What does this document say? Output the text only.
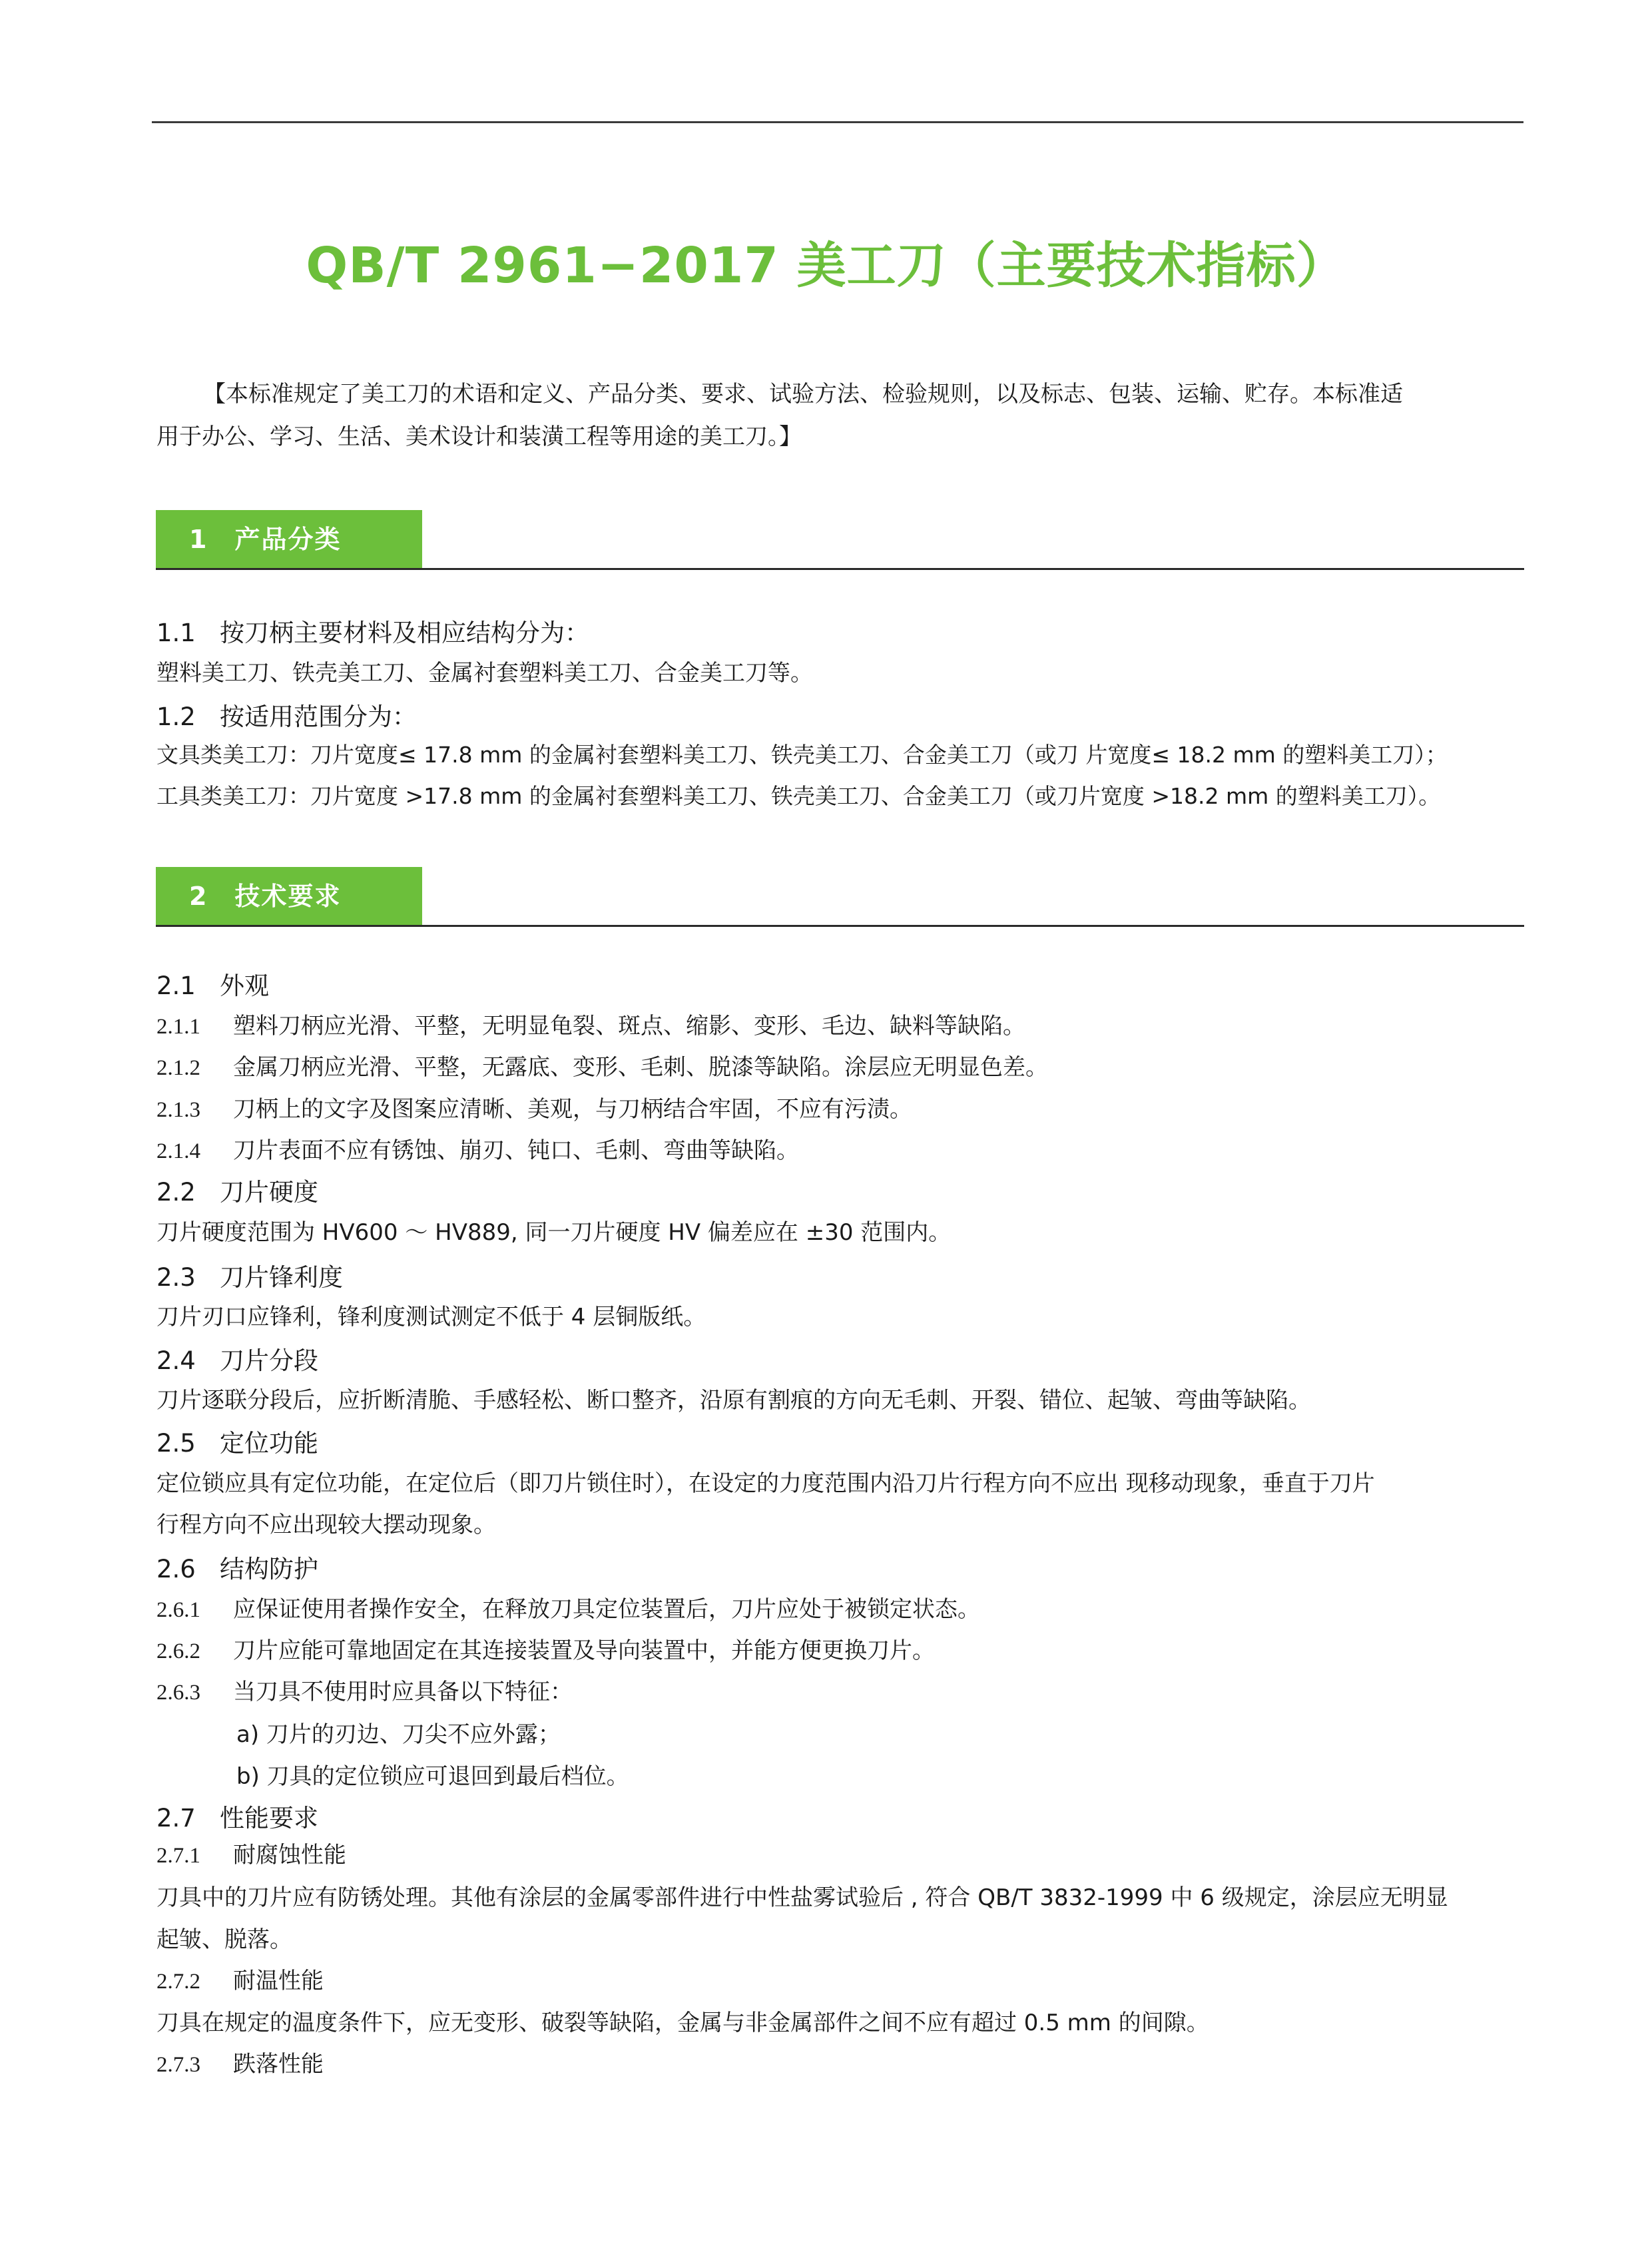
QB/T 2961−2017 美工刀（主要技术指标）

【本标准规定了美工刀的术语和定义、产品分类、要求、试验方法、检验规则，以及标志、包装、运输、贮存。本标准适

用于办公、学习、生活、美术设计和装潢工程等用途的美工刀。】

1　产品分类
1.1 按刀柄主要材料及相应结构分为：
塑料美工刀、铁壳美工刀、金属衬套塑料美工刀、合金美工刀等。
1.2 按适用范围分为：
文具类美工刀：刀片宽度≤ 17.8 mm 的金属衬套塑料美工刀、铁壳美工刀、合金美工刀（或刀 片宽度≤ 18.2 mm 的塑料美工刀）；
工具类美工刀：刀片宽度 >17.8 mm 的金属衬套塑料美工刀、铁壳美工刀、合金美工刀（或刀片宽度 >18.2 mm 的塑料美工刀）。
2　技术要求
2.1 外观
2.1.1 塑料刀柄应光滑、平整，无明显龟裂、斑点、缩影、变形、毛边、缺料等缺陷。
2.1.2 金属刀柄应光滑、平整，无露底、变形、毛刺、脱漆等缺陷。涂层应无明显色差。
2.1.3 刀柄上的文字及图案应清晰、美观，与刀柄结合牢固，不应有污渍。
2.1.4 刀片表面不应有锈蚀、崩刃、钝口、毛刺、弯曲等缺陷。
2.2 刀片硬度
刀片硬度范围为 HV600 ～ HV889, 同一刀片硬度 HV 偏差应在 ±30 范围内。
2.3 刀片锋利度
刀片刃口应锋利，锋利度测试测定不低于 4 层铜版纸。
2.4 刀片分段
刀片逐联分段后，应折断清脆、手感轻松、断口整齐，沿原有割痕的方向无毛刺、开裂、错位、起皱、弯曲等缺陷。
2.5 定位功能
定位锁应具有定位功能，在定位后（即刀片锁住时），在设定的力度范围内沿刀片行程方向不应出 现移动现象，垂直于刀片
行程方向不应出现较大摆动现象。
2.6 结构防护
2.6.1 应保证使用者操作安全，在释放刀具定位装置后，刀片应处于被锁定状态。
2.6.2 刀片应能可靠地固定在其连接装置及导向装置中，并能方便更换刀片。
2.6.3 当刀具不使用时应具备以下特征：
a) 刀片的刃边、刀尖不应外露；
b) 刀具的定位锁应可退回到最后档位。
2.7 性能要求
2.7.1 耐腐蚀性能
刀具中的刀片应有防锈处理。其他有涂层的金属零部件进行中性盐雾试验后 , 符合 QB/T 3832-1999 中 6 级规定，涂层应无明显
起皱、脱落。
2.7.2 耐温性能
刀具在规定的温度条件下，应无变形、破裂等缺陷，金属与非金属部件之间不应有超过 0.5 mm 的间隙。
2.7.3 跌落性能
